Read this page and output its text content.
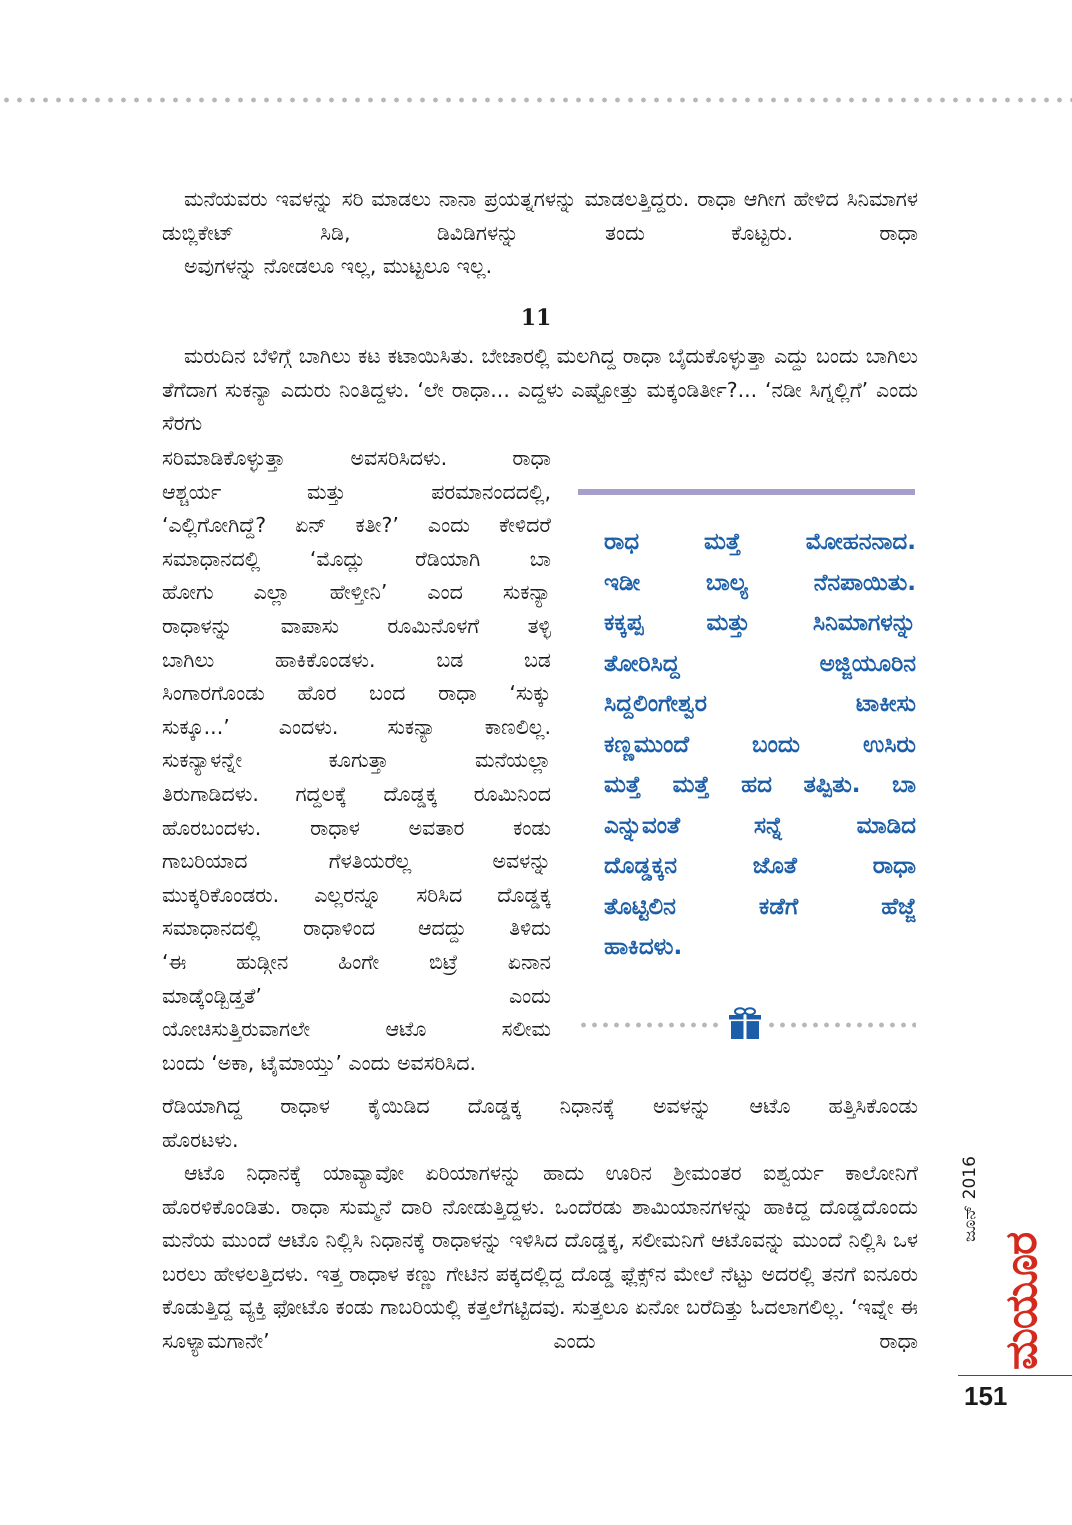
ಮನೆಯವರು ಇವಳನ್ನು ಸರಿ ಮಾಡಲು ನಾನಾ ಪ್ರಯತ್ನಗಳನ್ನು ಮಾಡಲತ್ತಿದ್ದರು. ರಾಧಾ ಆಗೀಗ ಹೇಳಿದ ಸಿನಿಮಾಗಳ ಡುಬ್ಲಿಕೇಟ್ ಸಿಡಿ, ಡಿವಿಡಿಗಳನ್ನು ತಂದು ಕೊಟ್ಟರು. ರಾಧಾ
ಅವುಗಳನ್ನು ನೋಡಲೂ ಇಲ್ಲ, ಮುಟ್ಟಲೂ ಇಲ್ಲ.

11

ಮರುದಿನ ಬೆಳಿಗ್ಗೆ ಬಾಗಿಲು ಕಟ ಕಟಾಯಿಸಿತು. ಬೇಜಾರಲ್ಲಿ ಮಲಗಿದ್ದ ರಾಧಾ ಬೈದುಕೊಳ್ಳುತ್ತಾ ಎದ್ದು ಬಂದು ಬಾಗಿಲು ತೆಗೆದಾಗ ಸುಕನ್ಯಾ ಎದುರು ನಿಂತಿದ್ದಳು. ‘ಲೇ ರಾಧಾ... ಎದ್ದಳು ಎಷ್ಟೋತ್ತು ಮಕ್ಕಂಡಿರ್ತೀ?... ‘ನಡೀ ಸಿಗ್ನಲ್ಲಿಗೆ’ ಎಂದು ಸೆರಗು

ಸರಿಮಾಡಿಕೊಳ್ಳುತ್ತಾ ಅವಸರಿಸಿದಳು. ರಾಧಾ
ಆಶ್ಚರ್ಯ ಮತ್ತು ಪರಮಾನಂದದಲ್ಲಿ,
‘ಎಲ್ಲಿಗೋಗಿದ್ದೆ? ಏನ್ ಕತೀ?’ ಎಂದು ಕೇಳಿದರೆ
ಸಮಾಧಾನದಲ್ಲಿ ‘ಮೊದ್ಲು ರೆಡಿಯಾಗಿ ಬಾ
ಹೋಗು ಎಲ್ಲಾ ಹೇಳ್ತೀನಿ’ ಎಂದ ಸುಕನ್ಯಾ
ರಾಧಾಳನ್ನು ವಾಪಾಸು ರೂಮಿನೊಳಗೆ ತಳ್ಳಿ
ಬಾಗಿಲು ಹಾಕಿಕೊಂಡಳು. ಬಡ ಬಡ
ಸಿಂಗಾರಗೊಂಡು ಹೊರ ಬಂದ ರಾಧಾ ‘ಸುಕ್ಕು
ಸುಕ್ಕೂ...’ ಎಂದಳು. ಸುಕನ್ಯಾ ಕಾಣಲಿಲ್ಲ.
ಸುಕನ್ಯಾಳನ್ನೇ ಕೂಗುತ್ತಾ ಮನೆಯಲ್ಲಾ
ತಿರುಗಾಡಿದಳು. ಗದ್ದಲಕ್ಕೆ ದೊಡ್ಡಕ್ಕ ರೂಮಿನಿಂದ
ಹೊರಬಂದಳು. ರಾಧಾಳ ಅವತಾರ ಕಂಡು
ಗಾಬರಿಯಾದ ಗೆಳತಿಯರೆಲ್ಲ ಅವಳನ್ನು
ಮುಕ್ಕರಿಕೊಂಡರು. ಎಲ್ಲರನ್ನೂ ಸರಿಸಿದ ದೊಡ್ಡಕ್ಕ
ಸಮಾಧಾನದಲ್ಲಿ ರಾಧಾಳಿಂದ ಆದದ್ದು ತಿಳಿದು
‘ಈ ಹುಡ್ಗೀನ ಹಿಂಗೇ ಬಿಟ್ರೆ ಏನಾನ
ಮಾಡ್ಕೆಂಡ್ಬಿಡ್ತತೆ’ ಎಂದು
ಯೋಚಿಸುತ್ತಿರುವಾಗಲೇ ಆಟೊ ಸಲೀಮ
ಬಂದು ‘ಅಕಾ, ಟೈಮಾಯ್ತು’ ಎಂದು ಅವಸರಿಸಿದ.
ರಾಧ ಮತ್ತೆ ಮೋಹನನಾದ.
ಇಡೀ ಬಾಲ್ಯ ನೆನಪಾಯಿತು.
ಕಕ್ಕಪ್ಪ ಮತ್ತು ಸಿನಿಮಾಗಳನ್ನು
ತೋರಿಸಿದ್ದ ಅಜ್ಜಿಯೂರಿನ
ಸಿದ್ದಲಿಂಗೇಶ್ವರ ಟಾಕೀಸು
ಕಣ್ಣಮುಂದೆ ಬಂದು ಉಸಿರು
ಮತ್ತೆ ಮತ್ತೆ ಹದ ತಪ್ಪಿತು. ಬಾ
ಎನ್ನುವಂತೆ ಸನ್ನೆ ಮಾಡಿದ
ದೊಡ್ಡಕ್ಕನ ಜೊತೆ ರಾಧಾ
ತೊಟ್ಟಿಲಿನ ಕಡೆಗೆ ಹೆಜ್ಜೆ
ಹಾಕಿದಳು.

ರೆಡಿಯಾಗಿದ್ದ ರಾಧಾಳ ಕೈಯಿಡಿದ ದೊಡ್ಡಕ್ಕ ನಿಧಾನಕ್ಕೆ ಅವಳನ್ನು ಆಟೊ ಹತ್ತಿಸಿಕೊಂಡು
ಹೊರಟಳು.

ಆಟೊ ನಿಧಾನಕ್ಕೆ ಯಾವ್ಯಾವೋ ಏರಿಯಾಗಳನ್ನು ಹಾದು ಊರಿನ ಶ್ರೀಮಂತರ ಐಶ್ವರ್ಯ ಕಾಲೋನಿಗೆ ಹೊರಳಿಕೊಂಡಿತು. ರಾಧಾ ಸುಮ್ಮನೆ ದಾರಿ ನೋಡುತ್ತಿದ್ದಳು. ಒಂದೆರಡು ಶಾಮಿಯಾನಗಳನ್ನು ಹಾಕಿದ್ದ ದೊಡ್ಡದೊಂದು ಮನೆಯ ಮುಂದೆ ಆಟೊ ನಿಲ್ಲಿಸಿ ನಿಧಾನಕ್ಕೆ ರಾಧಾಳನ್ನು ಇಳಿಸಿದ ದೊಡ್ಡಕ್ಕ, ಸಲೀಮನಿಗೆ ಆಟೊವನ್ನು ಮುಂದೆ ನಿಲ್ಲಿಸಿ ಒಳ ಬರಲು ಹೇಳಲತ್ತಿದಳು. ಇತ್ತ ರಾಧಾಳ ಕಣ್ಣು ಗೇಟಿನ ಪಕ್ಕದಲ್ಲಿದ್ದ ದೊಡ್ಡ ಫ್ಲೆಕ್ಸ್‌ನ ಮೇಲೆ ನೆಟ್ಟು ಅದರಲ್ಲಿ ತನಗೆ ಐನೂರು ಕೊಡುತ್ತಿದ್ದ ವ್ಯಕ್ತಿ ಫೋಟೊ ಕಂಡು ಗಾಬರಿಯಲ್ಲಿ ಕತ್ತಲೆಗಟ್ಟಿದವು. ಸುತ್ತಲೂ ಏನೋ ಬರೆದಿತ್ತು ಓದಲಾಗಲಿಲ್ಲ. ‘ಇವ್ನೇ ಈ ಸೂಳ್ಯಾಮಗಾನೇ’ ಎಂದು ರಾಧಾ

ಜೂನ್ 2016
ಮಯೂರ
151
